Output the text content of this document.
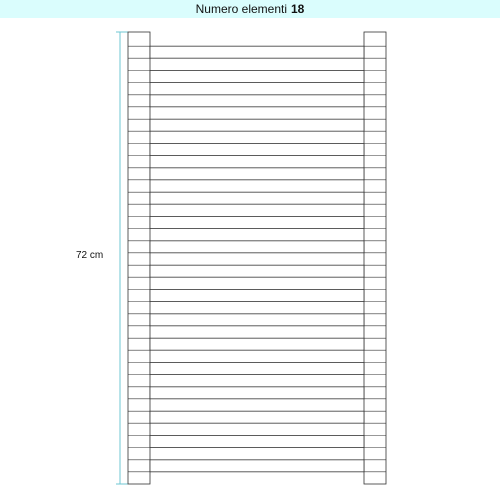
Numero elementi 18
72 cm
